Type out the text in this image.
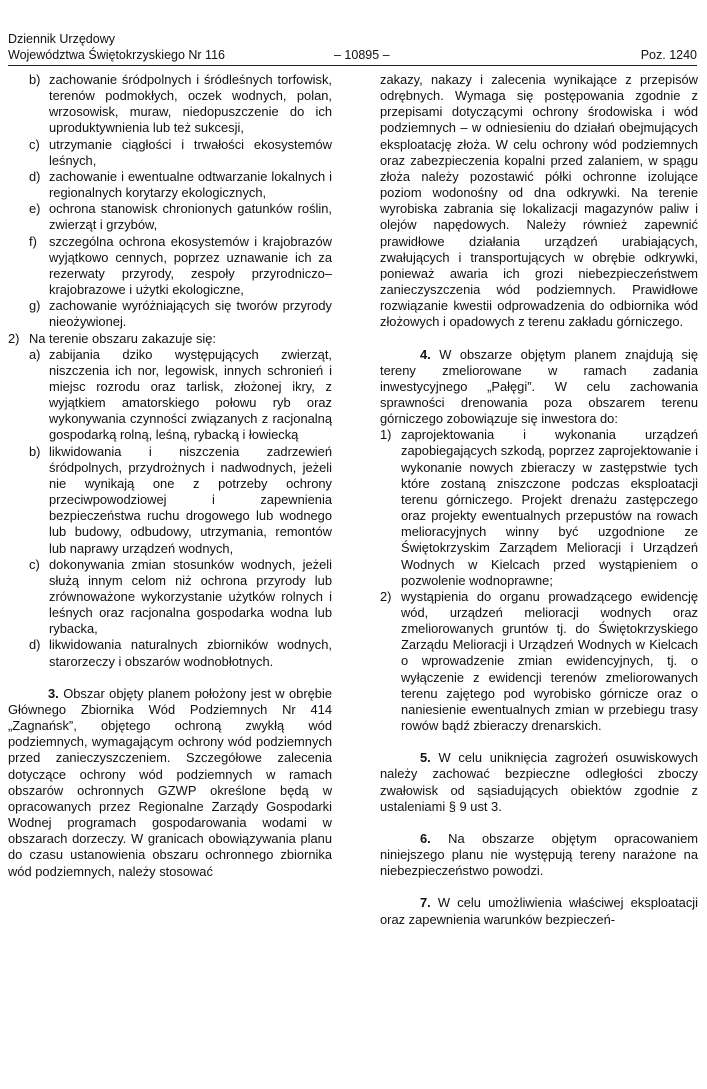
Dziennik Urzędowy
Województwa Świętokrzyskiego Nr 116	Poz. 1240
– 10895 –
b) zachowanie śródpolnych i śródleśnych torfowisk, terenów podmokłych, oczek wodnych, polan, wrzosowisk, muraw, niedopuszczenie do ich uproduktywnienia lub też sukcesji,
c) utrzymanie ciągłości i trwałości ekosystemów leśnych,
d) zachowanie i ewentualne odtwarzanie lokalnych i regionalnych korytarzy ekologicznych,
e) ochrona stanowisk chronionych gatunków roślin, zwierząt i grzybów,
f) szczególna ochrona ekosystemów i krajobrazów wyjątkowo cennych, poprzez uznawanie ich za rezerwaty przyrody, zespoły przyrodniczo–krajobrazowe i użytki ekologiczne,
g) zachowanie wyróżniających się tworów przyrody nieożywionej.
2) Na terenie obszaru zakazuje się:
a) zabijania dziko występujących zwierząt, niszczenia ich nor, legowisk, innych schronień i miejsc rozrodu oraz tarlisk, złożonej ikry, z wyjątkiem amatorskiego połowu ryb oraz wykonywania czynności związanych z racjonalną gospodarką rolną, leśną, rybacką i łowiecką
b) likwidowania i niszczenia zadrzewień śródpolnych, przydrożnych i nadwodnych, jeżeli nie wynikają one z potrzeby ochrony przeciwpowodziowej i zapewnienia bezpieczeństwa ruchu drogowego lub wodnego lub budowy, odbudowy, utrzymania, remontów lub naprawy urządzeń wodnych,
c) dokonywania zmian stosunków wodnych, jeżeli służą innym celom niż ochrona przyrody lub zrównoważone wykorzystanie użytków rolnych i leśnych oraz racjonalna gospodarka wodna lub rybacka,
d) likwidowania naturalnych zbiorników wodnych, starorzeczy i obszarów wodnobłotnych.

3. Obszar objęty planem położony jest w obrębie Głównego Zbiornika Wód Podziemnych Nr 414 „Zagnańsk”, objętego ochroną zwykłą wód podziemnych, wymagającym ochrony wód podziemnych przed zanieczyszczeniem. Szczegółowe zalecenia dotyczące ochrony wód podziemnych w ramach obszarów ochronnych GZWP określone będą w opracowanych przez Regionalne Zarządy Gospodarki Wodnej programach gospodarowania wodami w obszarach dorzeczy. W granicach obowiązywania planu do czasu ustanowienia obszaru ochronnego zbiornika wód podziemnych, należy stosować

zakazy, nakazy i zalecenia wynikające z przepisów odrębnych. Wymaga się postępowania zgodnie z przepisami dotyczącymi ochrony środowiska i wód podziemnych – w odniesieniu do działań obejmujących eksploatację złoża. W celu ochrony wód podziemnych oraz zabezpieczenia kopalni przed zalaniem, w spągu złoża należy pozostawić półki ochronne izolujące poziom wodonośny od dna odkrywki. Na terenie wyrobiska zabrania się lokalizacji magazynów paliw i olejów napędowych. Należy również zapewnić prawidłowe działania urządzeń urabiających, zwałujących i transportujących w obrębie odkrywki, ponieważ awaria ich grozi niebezpieczeństwem zanieczyszczenia wód podziemnych. Prawidłowe rozwiązanie kwestii odprowadzenia do odbiornika wód złożowych i opadowych z terenu zakładu górniczego.

4. W obszarze objętym planem znajdują się tereny zmeliorowane w ramach zadania inwestycyjnego „Pałęgi”. W celu zachowania sprawności drenowania poza obszarem terenu górniczego zobowiązuje się inwestora do:

1) zaprojektowania i wykonania urządzeń zapobiegających szkodą, poprzez zaprojektowanie i wykonanie nowych zbieraczy w zastępstwie tych które zostaną zniszczone podczas eksploatacji terenu górniczego. Projekt drenażu zastępczego oraz projekty ewentualnych przepustów na rowach melioracyjnych winny być uzgodnione ze Świętokrzyskim Zarządem Melioracji i Urządzeń Wodnych w Kielcach przed wystąpieniem o pozwolenie wodnoprawne;
2) wystąpienia do organu prowadzącego ewidencję wód, urządzeń melioracji wodnych oraz zmeliorowanych gruntów tj. do Świętokrzyskiego Zarządu Melioracji i Urządzeń Wodnych w Kielcach o wprowadzenie zmian ewidencyjnych, tj. o wyłączenie z ewidencji terenów zmeliorowanych terenu zajętego pod wyrobisko górnicze oraz o naniesienie ewentualnych zmian w przebiegu trasy rowów bądź zbieraczy drenarskich.

5. W celu uniknięcia zagrożeń osuwiskowych należy zachować bezpieczne odległości zboczy zwałowisk od sąsiadujących obiektów zgodnie z ustaleniami § 9 ust 3.

6. Na obszarze objętym opracowaniem niniejszego planu nie występują tereny narażone na niebezpieczeństwo powodzi.

7. W celu umożliwienia właściwej eksploatacji oraz zapewnienia warunków bezpieczeń-
